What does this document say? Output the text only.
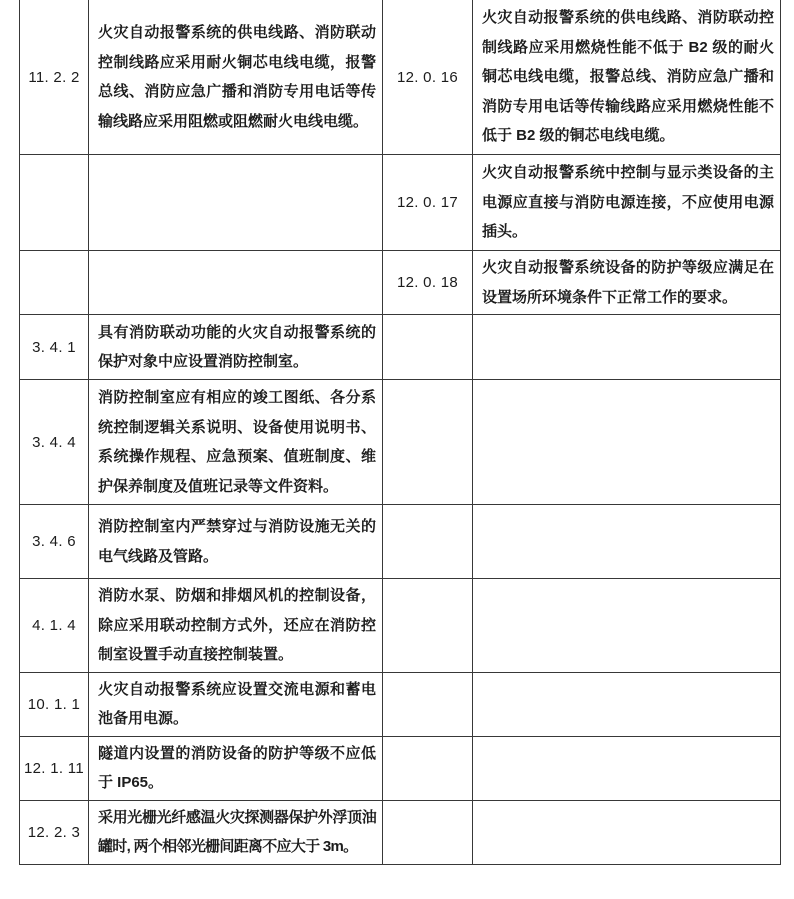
11. 2. 2	火灾自动报警系统的供电线路、消防联动控制线路应采用耐火铜芯电线电缆，报警总线、消防应急广播和消防专用电话等传输线路应采用阻燃或阻燃耐火电线电缆。	12. 0. 16	火灾自动报警系统的供电线路、消防联动控制线路应采用燃烧性能不低于 B2 级的耐火铜芯电线电缆，报警总线、消防应急广播和消防专用电话等传输线路应采用燃烧性能不低于 B2 级的铜芯电线电缆。
		12. 0. 17	火灾自动报警系统中控制与显示类设备的主电源应直接与消防电源连接，不应使用电源插头。
		12. 0. 18	火灾自动报警系统设备的防护等级应满足在设置场所环境条件下正常工作的要求。
3. 4. 1	具有消防联动功能的火灾自动报警系统的保护对象中应设置消防控制室。		
3. 4. 4	消防控制室应有相应的竣工图纸、各分系统控制逻辑关系说明、设备使用说明书、系统操作规程、应急预案、值班制度、维护保养制度及值班记录等文件资料。		
3. 4. 6	消防控制室内严禁穿过与消防设施无关的电气线路及管路。		
4. 1. 4	消防水泵、防烟和排烟风机的控制设备，除应采用联动控制方式外，还应在消防控制室设置手动直接控制装置。		
10. 1. 1	火灾自动报警系统应设置交流电源和蓄电池备用电源。		
12. 1. 11	隧道内设置的消防设备的防护等级不应低于 IP65。		
12. 2. 3	采用光栅光纤感温火灾探测器保护外浮顶油罐时, 两个相邻光栅间距离不应大于 3m。		
